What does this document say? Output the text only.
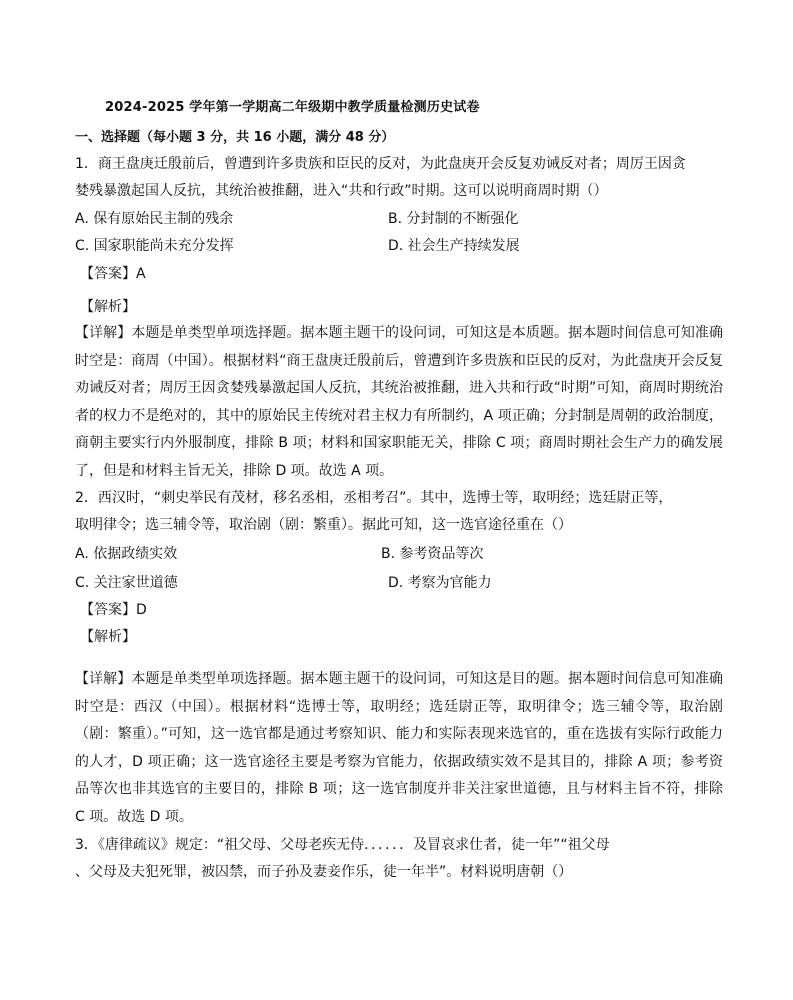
2024-2025 学年第一学期高二年级期中教学质量检测历史试卷
一、选择题（每小题 3 分，共 16 小题，满分 48 分）
1．商王盘庚迁殷前后，曾遭到许多贵族和臣民的反对，为此盘庚开会反复劝诫反对者；周厉王因贪
婪残暴激起国人反抗，其统治被推翻，进入“共和行政”时期。这可以说明商周时期（）
A. 保有原始民主制的残余	B. 分封制的不断强化
C. 国家职能尚未充分发挥	D. 社会生产持续发展
【答案】A
【解析】
【详解】本题是单类型单项选择题。据本题主题干的设问词，可知这是本质题。据本题时间信息可知准确时空是：商周（中国）。根据材料“商王盘庚迁殷前后，曾遭到许多贵族和臣民的反对，为此盘庚开会反复劝诫反对者；周厉王因贪婪残暴激起国人反抗，其统治被推翻，进入共和行政“时期”可知，商周时期统治者的权力不是绝对的，其中的原始民主传统对君主权力有所制约，A 项正确；分封制是周朝的政治制度，商朝主要实行内外服制度，排除 B 项；材料和国家职能无关，排除 C 项；商周时期社会生产力的确发展了，但是和材料主旨无关，排除 D 项。故选 A 项。
2．西汉时，“刺史举民有茂材，移名丞相，丞相考召”。其中，选博士等，取明经；选廷尉正等，
取明律令；选三辅令等，取治剧（剧：繁重）。据此可知，这一选官途径重在（）
A. 依据政绩实效	B. 参考资品等次
C. 关注家世道德	D. 考察为官能力
【答案】D
【解析】
【详解】本题是单类型单项选择题。据本题主题干的设问词，可知这是目的题。据本题时间信息可知准确时空是：西汉（中国）。根据材料“选博士等，取明经；选廷尉正等，取明律令；选三辅令等，取治剧（剧：繁重）。”可知，这一选官都是通过考察知识、能力和实际表现来选官的，重在选拔有实际行政能力的人才，D 项正确；这一选官途径主要是考察为官能力，依据政绩实效不是其目的，排除 A 项；参考资品等次也非其选官的主要目的，排除 B 项；这一选官制度并非关注家世道德，且与材料主旨不符，排除 C 项。故选 D 项。
3．《唐律疏议》规定：“祖父母、父母老疾无侍．．．．．．及冒哀求仕者，徒一年”“祖父母
、父母及夫犯死罪，被囚禁，而子孙及妻妾作乐，徒一年半”。材料说明唐朝（）
